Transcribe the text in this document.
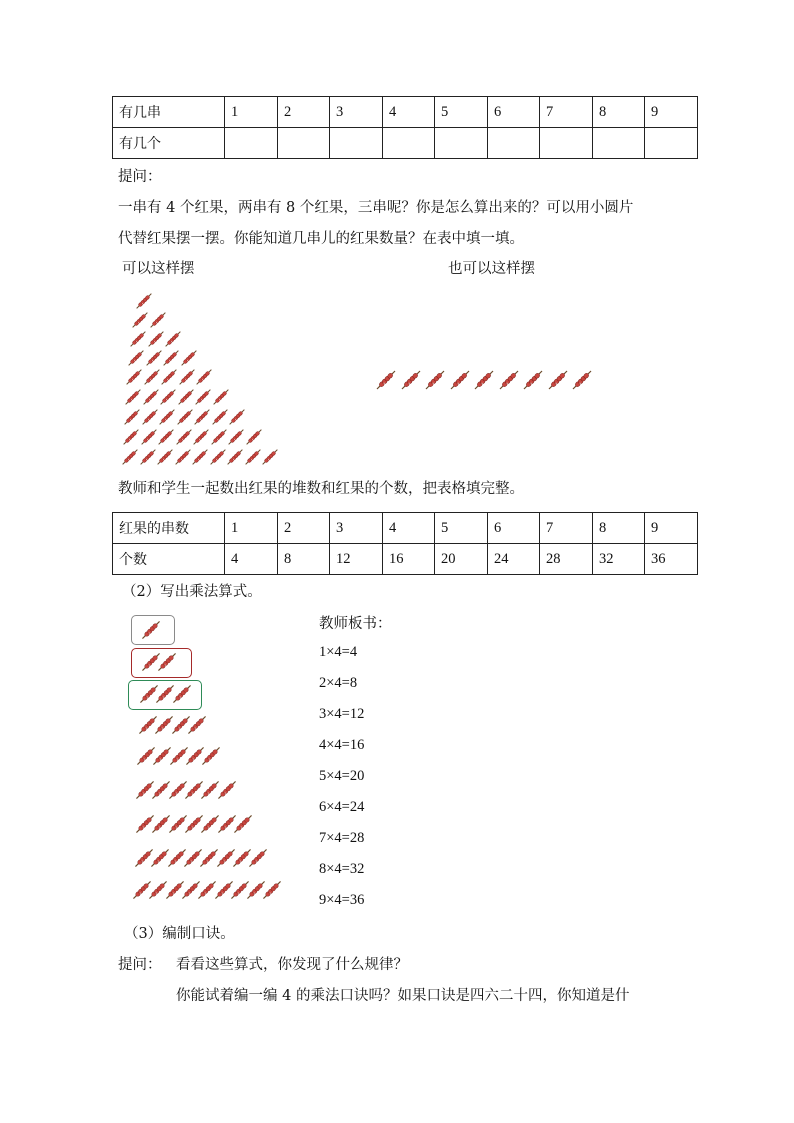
有几串	1	2	3	4	5	6	7	8	9
有几个									
提问：
一串有 4 个红果，两串有 8 个红果，三串呢？你是怎么算出来的？可以用小圆片
代替红果摆一摆。你能知道几串儿的红果数量？在表中填一填。
可以这样摆	也可以这样摆
教师和学生一起数出红果的堆数和红果的个数，把表格填完整。
红果的串数	1	2	3	4	5	6	7	8	9
个数	4	8	12	16	20	24	28	32	36
（2）写出乘法算式。
教师板书：
1×4=4
2×4=8
3×4=12
4×4=16
5×4=20
6×4=24
7×4=28
8×4=32
9×4=36
（3）编制口诀。
提问： 看看这些算式，你发现了什么规律？
你能试着编一编 4 的乘法口诀吗？如果口诀是四六二十四，你知道是什
